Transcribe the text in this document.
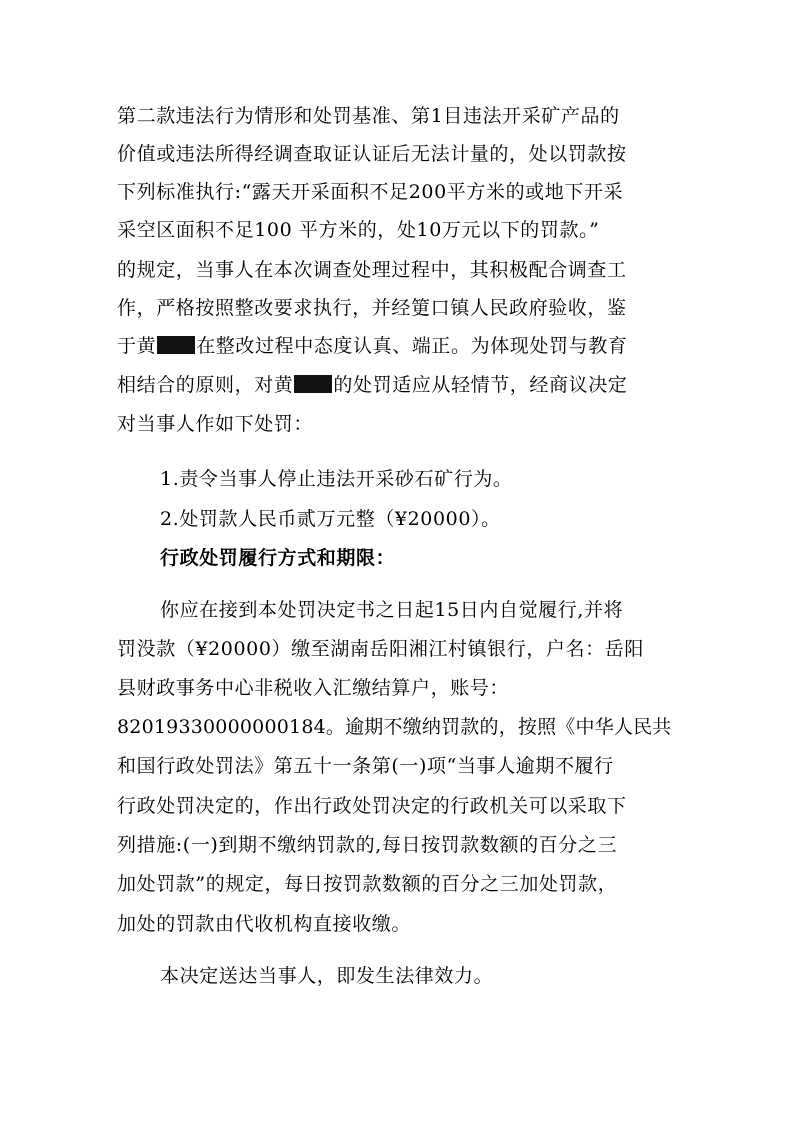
第二款违法行为情形和处罚基准、第1目违法开采矿产品的
价值或违法所得经调查取证认证后无法计量的，处以罚款按
下列标准执行:“露天开采面积不足200平方米的或地下开采
采空区面积不足100 平方米的，处10万元以下的罚款。”
的规定，当事人在本次调查处理过程中，其积极配合调查工
作，严格按照整改要求执行，并经筻口镇人民政府验收，鉴
于黄 在整改过程中态度认真、端正。为体现处罚与教育
相结合的原则，对黄 的处罚适应从轻情节，经商议决定
对当事人作如下处罚：
1.责令当事人停止违法开采砂石矿行为。
2.处罚款人民币贰万元整（¥20000）。
行政处罚履行方式和期限：
你应在接到本处罚决定书之日起15日内自觉履行,并将
罚没款（¥20000）缴至湖南岳阳湘江村镇银行，户名：岳阳
县财政事务中心非税收入汇缴结算户，账号：
82019330000000184。逾期不缴纳罚款的，按照《中华人民共
和国行政处罚法》第五十一条第(一)项“当事人逾期不履行
行政处罚决定的，作出行政处罚决定的行政机关可以采取下
列措施:(一)到期不缴纳罚款的,每日按罚款数额的百分之三
加处罚款”的规定，每日按罚款数额的百分之三加处罚款，
加处的罚款由代收机构直接收缴。
本决定送达当事人，即发生法律效力。
